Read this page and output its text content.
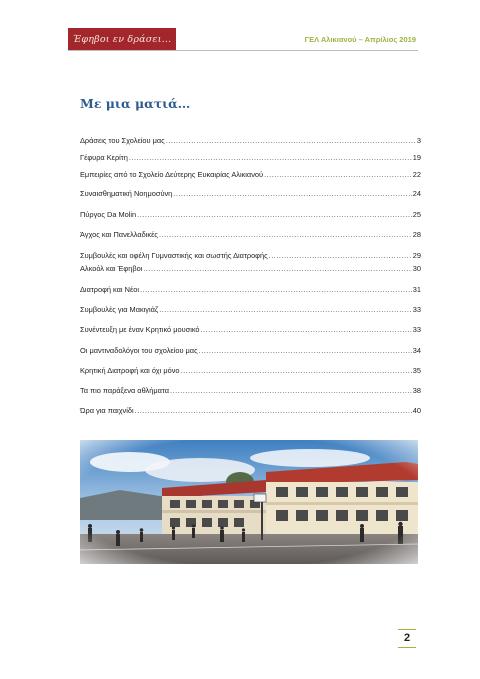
Έφηβοι εν δράσει...	ΓΕΛ Αλικιανού – Απρίλιος 2019
Με μια ματιά…
Δράσεις του Σχολείου μας .....	3
Γέφυρα Κερίτη .....	19
Εμπειρίες από το Σχολείο Δεύτερης Ευκαιρίας Αλικιανού .....	22
Συναισθηματική Νοημοσύνη .....	24
Πύργος Da Molin .....	25
Άγχος και Πανελλαδικές .....	28
Συμβουλές και οφέλη Γυμναστικής και σωστής Διατροφής .....	29
Αλκοόλ και Έφηβοι .....	30
Διατροφή και Νέοι .....	31
Συμβουλές για Μακιγιάζ .....	33
Συνέντευξη με έναν Κρητικό μουσικό .....	33
Οι μαντιναδολόγοι του σχολείου μας .....	34
Κρητική Διατροφή και όχι μόνο .....	35
Τα πιο παράξενα αθλήματα .....	38
Ώρα για παιχνίδι .....	40
2
